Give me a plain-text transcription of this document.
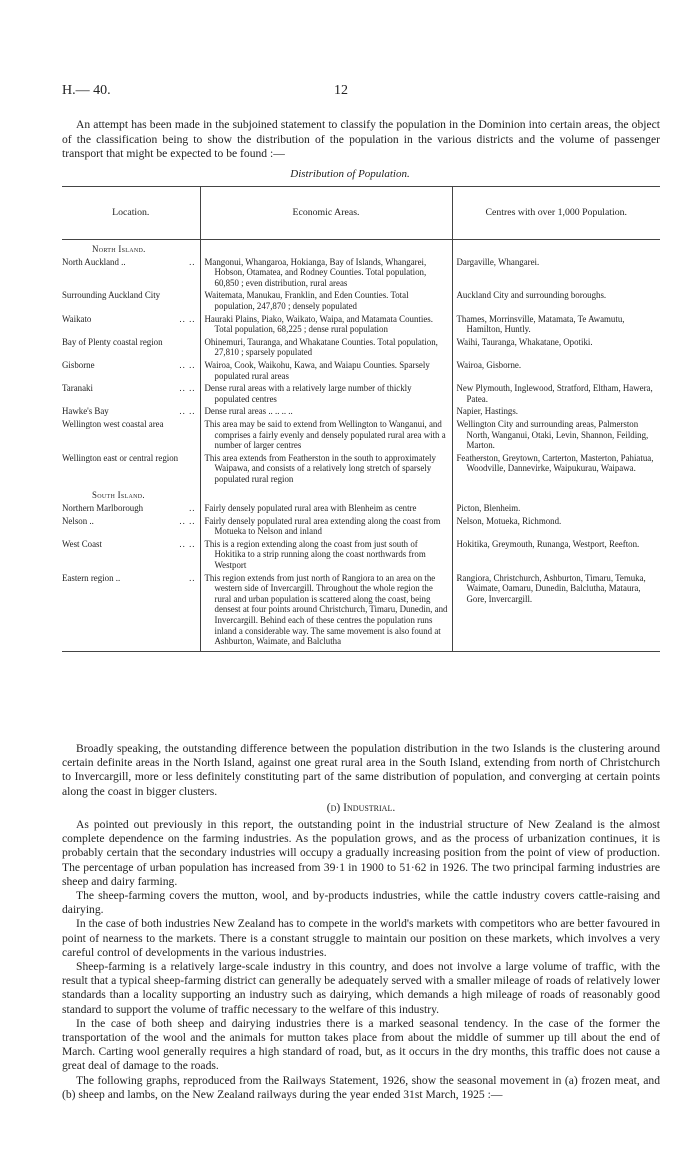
H.— 40.	12

An attempt has been made in the subjoined statement to classify the population in the Dominion into certain areas, the object of the classification being to show the distribution of the population in the various districts and the volume of passenger transport that might be expected to be found :—

Distribution of Population.
Location.	Economic Areas.	Centres with over 1,000 Population.
North Island.		
North Auckland .. ..	Mangonui, Whangaroa, Hokianga, Bay of Islands, Whangarei, Hobson, Otamatea, and Rodney Counties. Total population, 60,850 ; even distribution, rural areas	Dargaville, Whangarei.
Surrounding Auckland City	Waitemata, Manukau, Franklin, and Eden Counties. Total population, 247,870 ; densely populated	Auckland City and surrounding boroughs.
Waikato .. ..	Hauraki Plains, Piako, Waikato, Waipa, and Matamata Counties. Total population, 68,225 ; dense rural population	Thames, Morrinsville, Matamata, Te Awamutu, Hamilton, Huntly.
Bay of Plenty coastal region	Ohinemuri, Tauranga, and Whakatane Counties. Total population, 27,810 ; sparsely populated	Waihi, Tauranga, Whakatane, Opotiki.
Gisborne .. ..	Wairoa, Cook, Waikohu, Kawa, and Waiapu Counties. Sparsely populated rural areas	Wairoa, Gisborne.
Taranaki .. ..	Dense rural areas with a relatively large number of thickly populated centres	New Plymouth, Inglewood, Stratford, Eltham, Hawera, Patea.
Hawke's Bay .. ..	Dense rural areas .. .. .. ..	Napier, Hastings.
Wellington west coastal area	This area may be said to extend from Wellington to Wanganui, and comprises a fairly evenly and densely populated rural area with a number of larger centres	Wellington City and surrounding areas, Palmerston North, Wanganui, Otaki, Levin, Shannon, Feilding, Marton.
Wellington east or central region	This area extends from Featherston in the south to approximately Waipawa, and consists of a relatively long stretch of sparsely populated rural region	Featherston, Greytown, Carterton, Masterton, Pahiatua, Woodville, Dannevirke, Waipukurau, Waipawa.
South Island.		
Northern Marlborough ..	Fairly densely populated rural area with Blenheim as centre	Picton, Blenheim.
Nelson .. .. ..	Fairly densely populated rural area extending along the coast from Motueka to Nelson and inland	Nelson, Motueka, Richmond.
West Coast .. ..	This is a region extending along the coast from just south of Hokitika to a strip running along the coast northwards from Westport	Hokitika, Greymouth, Runanga, Westport, Reefton.
Eastern region .. ..	This region extends from just north of Rangiora to an area on the western side of Invercargill. Throughout the whole region the rural and urban population is scattered along the coast, being densest at four points around Christchurch, Timaru, Dunedin, and Invercargill. Behind each of these centres the population runs inland a considerable way. The same movement is also found at Ashburton, Waimate, and Balclutha	Rangiora, Christchurch, Ashburton, Timaru, Temuka, Waimate, Oamaru, Dunedin, Balclutha, Mataura, Gore, Invercargill.

Broadly speaking, the outstanding difference between the population distribution in the two Islands is the clustering around certain definite areas in the North Island, against one great rural area in the South Island, extending from north of Christchurch to Invercargill, more or less definitely constituting part of the same distribution of population, and converging at certain points along the coast in bigger clusters.

(d) Industrial.

As pointed out previously in this report, the outstanding point in the industrial structure of New Zealand is the almost complete dependence on the farming industries. As the population grows, and as the process of urbanization continues, it is probably certain that the secondary industries will occupy a gradually increasing position from the point of view of production. The percentage of urban population has increased from 39·1 in 1900 to 51·62 in 1926. The two principal farming industries are sheep and dairy farming.

The sheep-farming covers the mutton, wool, and by-products industries, while the cattle industry covers cattle-raising and dairying.

In the case of both industries New Zealand has to compete in the world's markets with competitors who are better favoured in point of nearness to the markets. There is a constant struggle to maintain our position on these markets, which involves a very careful control of developments in the various industries.

Sheep-farming is a relatively large-scale industry in this country, and does not involve a large volume of traffic, with the result that a typical sheep-farming district can generally be adequately served with a smaller mileage of roads of relatively lower standards than a locality supporting an industry such as dairying, which demands a high mileage of roads of reasonably good standard to support the volume of traffic necessary to the welfare of this industry.

In the case of both sheep and dairying industries there is a marked seasonal tendency. In the case of the former the transportation of the wool and the animals for mutton takes place from about the middle of summer up till about the end of March. Carting wool generally requires a high standard of road, but, as it occurs in the dry months, this traffic does not cause a great deal of damage to the roads.

The following graphs, reproduced from the Railways Statement, 1926, show the seasonal movement in (a) frozen meat, and (b) sheep and lambs, on the New Zealand railways during the year ended 31st March, 1925 :—
